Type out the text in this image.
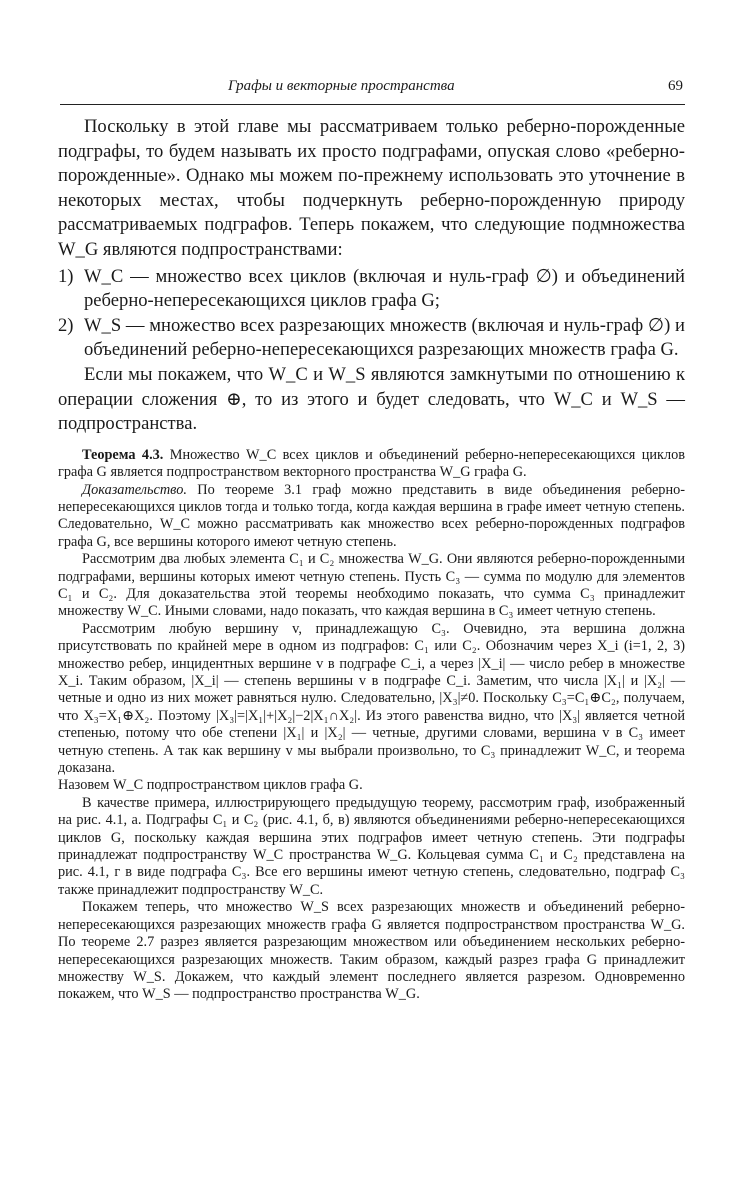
Графы и векторные пространства	69

Поскольку в этой главе мы рассматриваем только реберно-порожденные подграфы, то будем называть их просто подграфами, опуская слово «реберно-порожденные». Однако мы можем по-прежнему использовать это уточнение в некоторых местах, чтобы подчеркнуть реберно-порожденную природу рассматриваемых подграфов. Теперь покажем, что следующие подмножества W_G являются подпространствами:

1) W_C — множество всех циклов (включая и нуль-граф ∅) и объединений реберно-непересекающихся циклов графа G;
2) W_S — множество всех разрезающих множеств (включая и нуль-граф ∅) и объединений реберно-непересекающихся разрезающих множеств графа G.

Если мы покажем, что W_C и W_S являются замкнутыми по отношению к операции сложения ⊕, то из этого и будет следовать, что W_C и W_S — подпространства.

Теорема 4.3. Множество W_C всех циклов и объединений реберно-непересекающихся циклов графа G является подпространством векторного пространства W_G графа G.

Доказательство. По теореме 3.1 граф можно представить в виде объединения реберно-непересекающихся циклов тогда и только тогда, когда каждая вершина в графе имеет четную степень. Следовательно, W_C можно рассматривать как множество всех реберно-порожденных подграфов графа G, все вершины которого имеют четную степень.

Рассмотрим два любых элемента C₁ и C₂ множества W_G. Они являются реберно-порожденными подграфами, вершины которых имеют четную степень. Пусть C₃ — сумма по модулю для элементов C₁ и C₂. Для доказательства этой теоремы необходимо показать, что сумма C₃ принадлежит множеству W_C. Иными словами, надо показать, что каждая вершина в C₃ имеет четную степень.

Рассмотрим любую вершину v, принадлежащую C₃. Очевидно, эта вершина должна присутствовать по крайней мере в одном из подграфов: C₁ или C₂. Обозначим через X_i (i=1, 2, 3) множество ребер, инцидентных вершине v в подграфе C_i, а через |X_i| — число ребер в множестве X_i. Таким образом, |X_i| — степень вершины v в подграфе C_i. Заметим, что числа |X₁| и |X₂| — четные и одно из них может равняться нулю. Следовательно, |X₃|≠0. Поскольку C₃=C₁⊕C₂, получаем, что X₃=X₁⊕X₂. Поэтому |X₃|=|X₁|+|X₂|−2|X₁∩X₂|. Из этого равенства видно, что |X₃| является четной степенью, потому что обе степени |X₁| и |X₂| — четные, другими словами, вершина v в C₃ имеет четную степень. А так как вершину v мы выбрали произвольно, то C₃ принадлежит W_C, и теорема доказана.

Назовем W_C подпространством циклов графа G.

В качестве примера, иллюстрирующего предыдущую теорему, рассмотрим граф, изображенный на рис. 4.1, а. Подграфы C₁ и C₂ (рис. 4.1, б, в) являются объединениями реберно-непересекающихся циклов G, поскольку каждая вершина этих подграфов имеет четную степень. Эти подграфы принадлежат подпространству W_C пространства W_G. Кольцевая сумма C₁ и C₂ представлена на рис. 4.1, г в виде подграфа C₃. Все его вершины имеют четную степень, следовательно, подграф C₃ также принадлежит подпространству W_C.

Покажем теперь, что множество W_S всех разрезающих множеств и объединений реберно-непересекающихся разрезающих множеств графа G является подпространством пространства W_G. По теореме 2.7 разрез является разрезающим множеством или объединением нескольких реберно-непересекающихся разрезающих множеств. Таким образом, каждый разрез графа G принадлежит множеству W_S. Докажем, что каждый элемент последнего является разрезом. Одновременно покажем, что W_S — подпространство пространства W_G.
